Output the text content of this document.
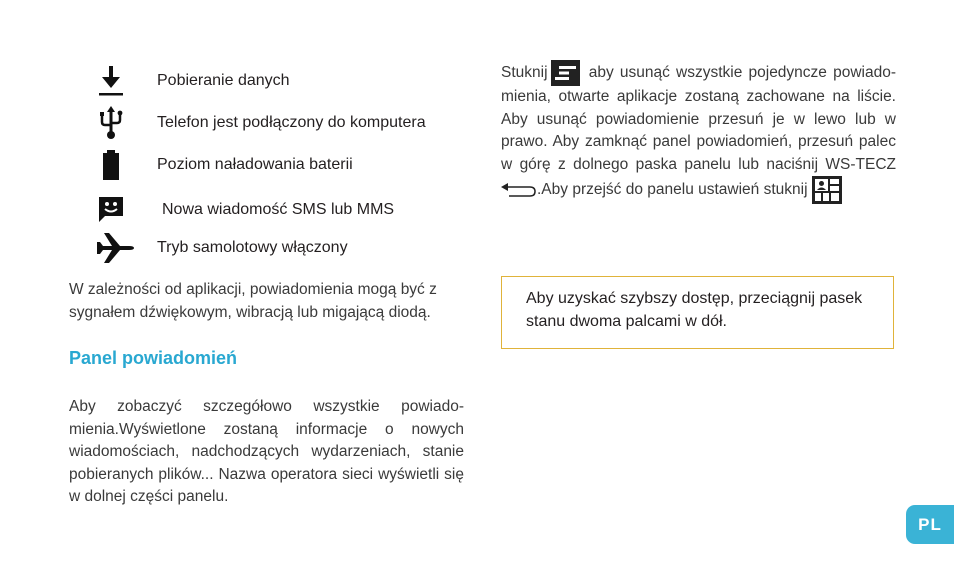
Pobieranie danych
Telefon jest podłączony do komputera
Poziom naładowania baterii
Nowa wiadomość SMS lub MMS
Tryb samolotowy włączony

W zależności od aplikacji, powiadomienia mogą być z sygnałem dźwiękowym, wibracją lub migającą diodą.

Panel powiadomień

Aby zobaczyć szczegółowo wszystkie powiado-mienia.Wyświetlone zostaną informacje o nowych wiadomościach, nadchodzących wydarzeniach, stanie pobieranych plików... Nazwa operatora sieci wyświetli się w dolnej części panelu.

Stuknij
aby usunąć wszystkie pojedyncze powiado-mienia, otwarte aplikacje zostaną zachowane na liście. Aby usunąć powiadomienie przesuń je w lewo lub w prawo. Aby zamknąć panel powiadomień, przesuń palec w górę z dolnego paska panelu lub naciśnij WS-TECZ
.Aby przejść do panelu ustawień stuknij

Aby uzyskać szybszy dostęp, przeciągnij pasek stanu dwoma palcami w dół.

PL
